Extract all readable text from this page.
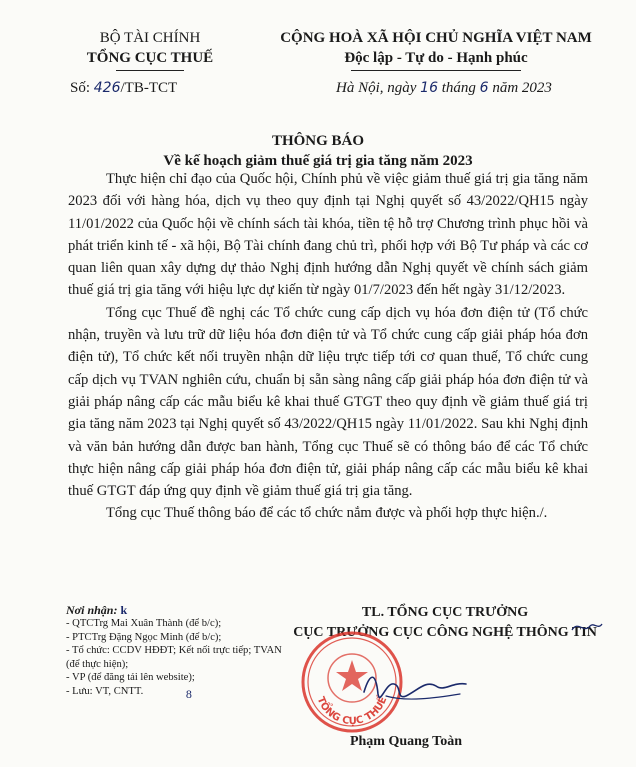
BỘ TÀI CHÍNH
TỔNG CỤC THUẾ
CỘNG HOÀ XÃ HỘI CHỦ NGHĨA VIỆT NAM
Độc lập - Tự do - Hạnh phúc
Số: 426/TB-TCT	Hà Nội, ngày 16 tháng 6 năm 2023
THÔNG BÁO
Về kế hoạch giảm thuế giá trị gia tăng năm 2023

Thực hiện chỉ đạo của Quốc hội, Chính phủ về việc giảm thuế giá trị gia tăng năm 2023 đối với hàng hóa, dịch vụ theo quy định tại Nghị quyết số 43/2022/QH15 ngày 11/01/2022 của Quốc hội về chính sách tài khóa, tiền tệ hỗ trợ Chương trình phục hồi và phát triển kinh tế - xã hội, Bộ Tài chính đang chủ trì, phối hợp với Bộ Tư pháp và các cơ quan liên quan xây dựng dự thảo Nghị định hướng dẫn Nghị quyết về chính sách giảm thuế giá trị gia tăng với hiệu lực dự kiến từ ngày 01/7/2023 đến hết ngày 31/12/2023.

Tổng cục Thuế đề nghị các Tổ chức cung cấp dịch vụ hóa đơn điện tử (Tổ chức nhận, truyền và lưu trữ dữ liệu hóa đơn điện tử và Tổ chức cung cấp giải pháp hóa đơn điện tử), Tổ chức kết nối truyền nhận dữ liệu trực tiếp tới cơ quan thuế, Tổ chức cung cấp dịch vụ TVAN nghiên cứu, chuẩn bị sẵn sàng nâng cấp giải pháp hóa đơn điện tử và giải pháp nâng cấp các mẫu biểu kê khai thuế GTGT theo quy định về giảm thuế giá trị gia tăng năm 2023 tại Nghị quyết số 43/2022/QH15 ngày 11/01/2022. Sau khi Nghị định và văn bản hướng dẫn được ban hành, Tổng cục Thuế sẽ có thông báo để các Tổ chức thực hiện nâng cấp giải pháp hóa đơn điện tử, giải pháp nâng cấp các mẫu biểu kê khai thuế GTGT đáp ứng quy định về giảm thuế giá trị gia tăng.

Tổng cục Thuế thông báo để các tổ chức nắm được và phối hợp thực hiện./.

Nơi nhận: k
- QTCTrg Mai Xuân Thành (để b/c);
- PTCTrg Đặng Ngọc Minh (để b/c);
- Tổ chức: CCDV HĐĐT; Kết nối trực tiếp; TVAN (để thực hiện);
- VP (để đăng tải lên website);
- Lưu: VT, CNTT.	8
TL. TỔNG CỤC TRƯỞNG
CỤC TRƯỞNG CỤC CÔNG NGHỆ THÔNG TIN
TỔNG CỤC THUẾ
Phạm Quang Toàn
